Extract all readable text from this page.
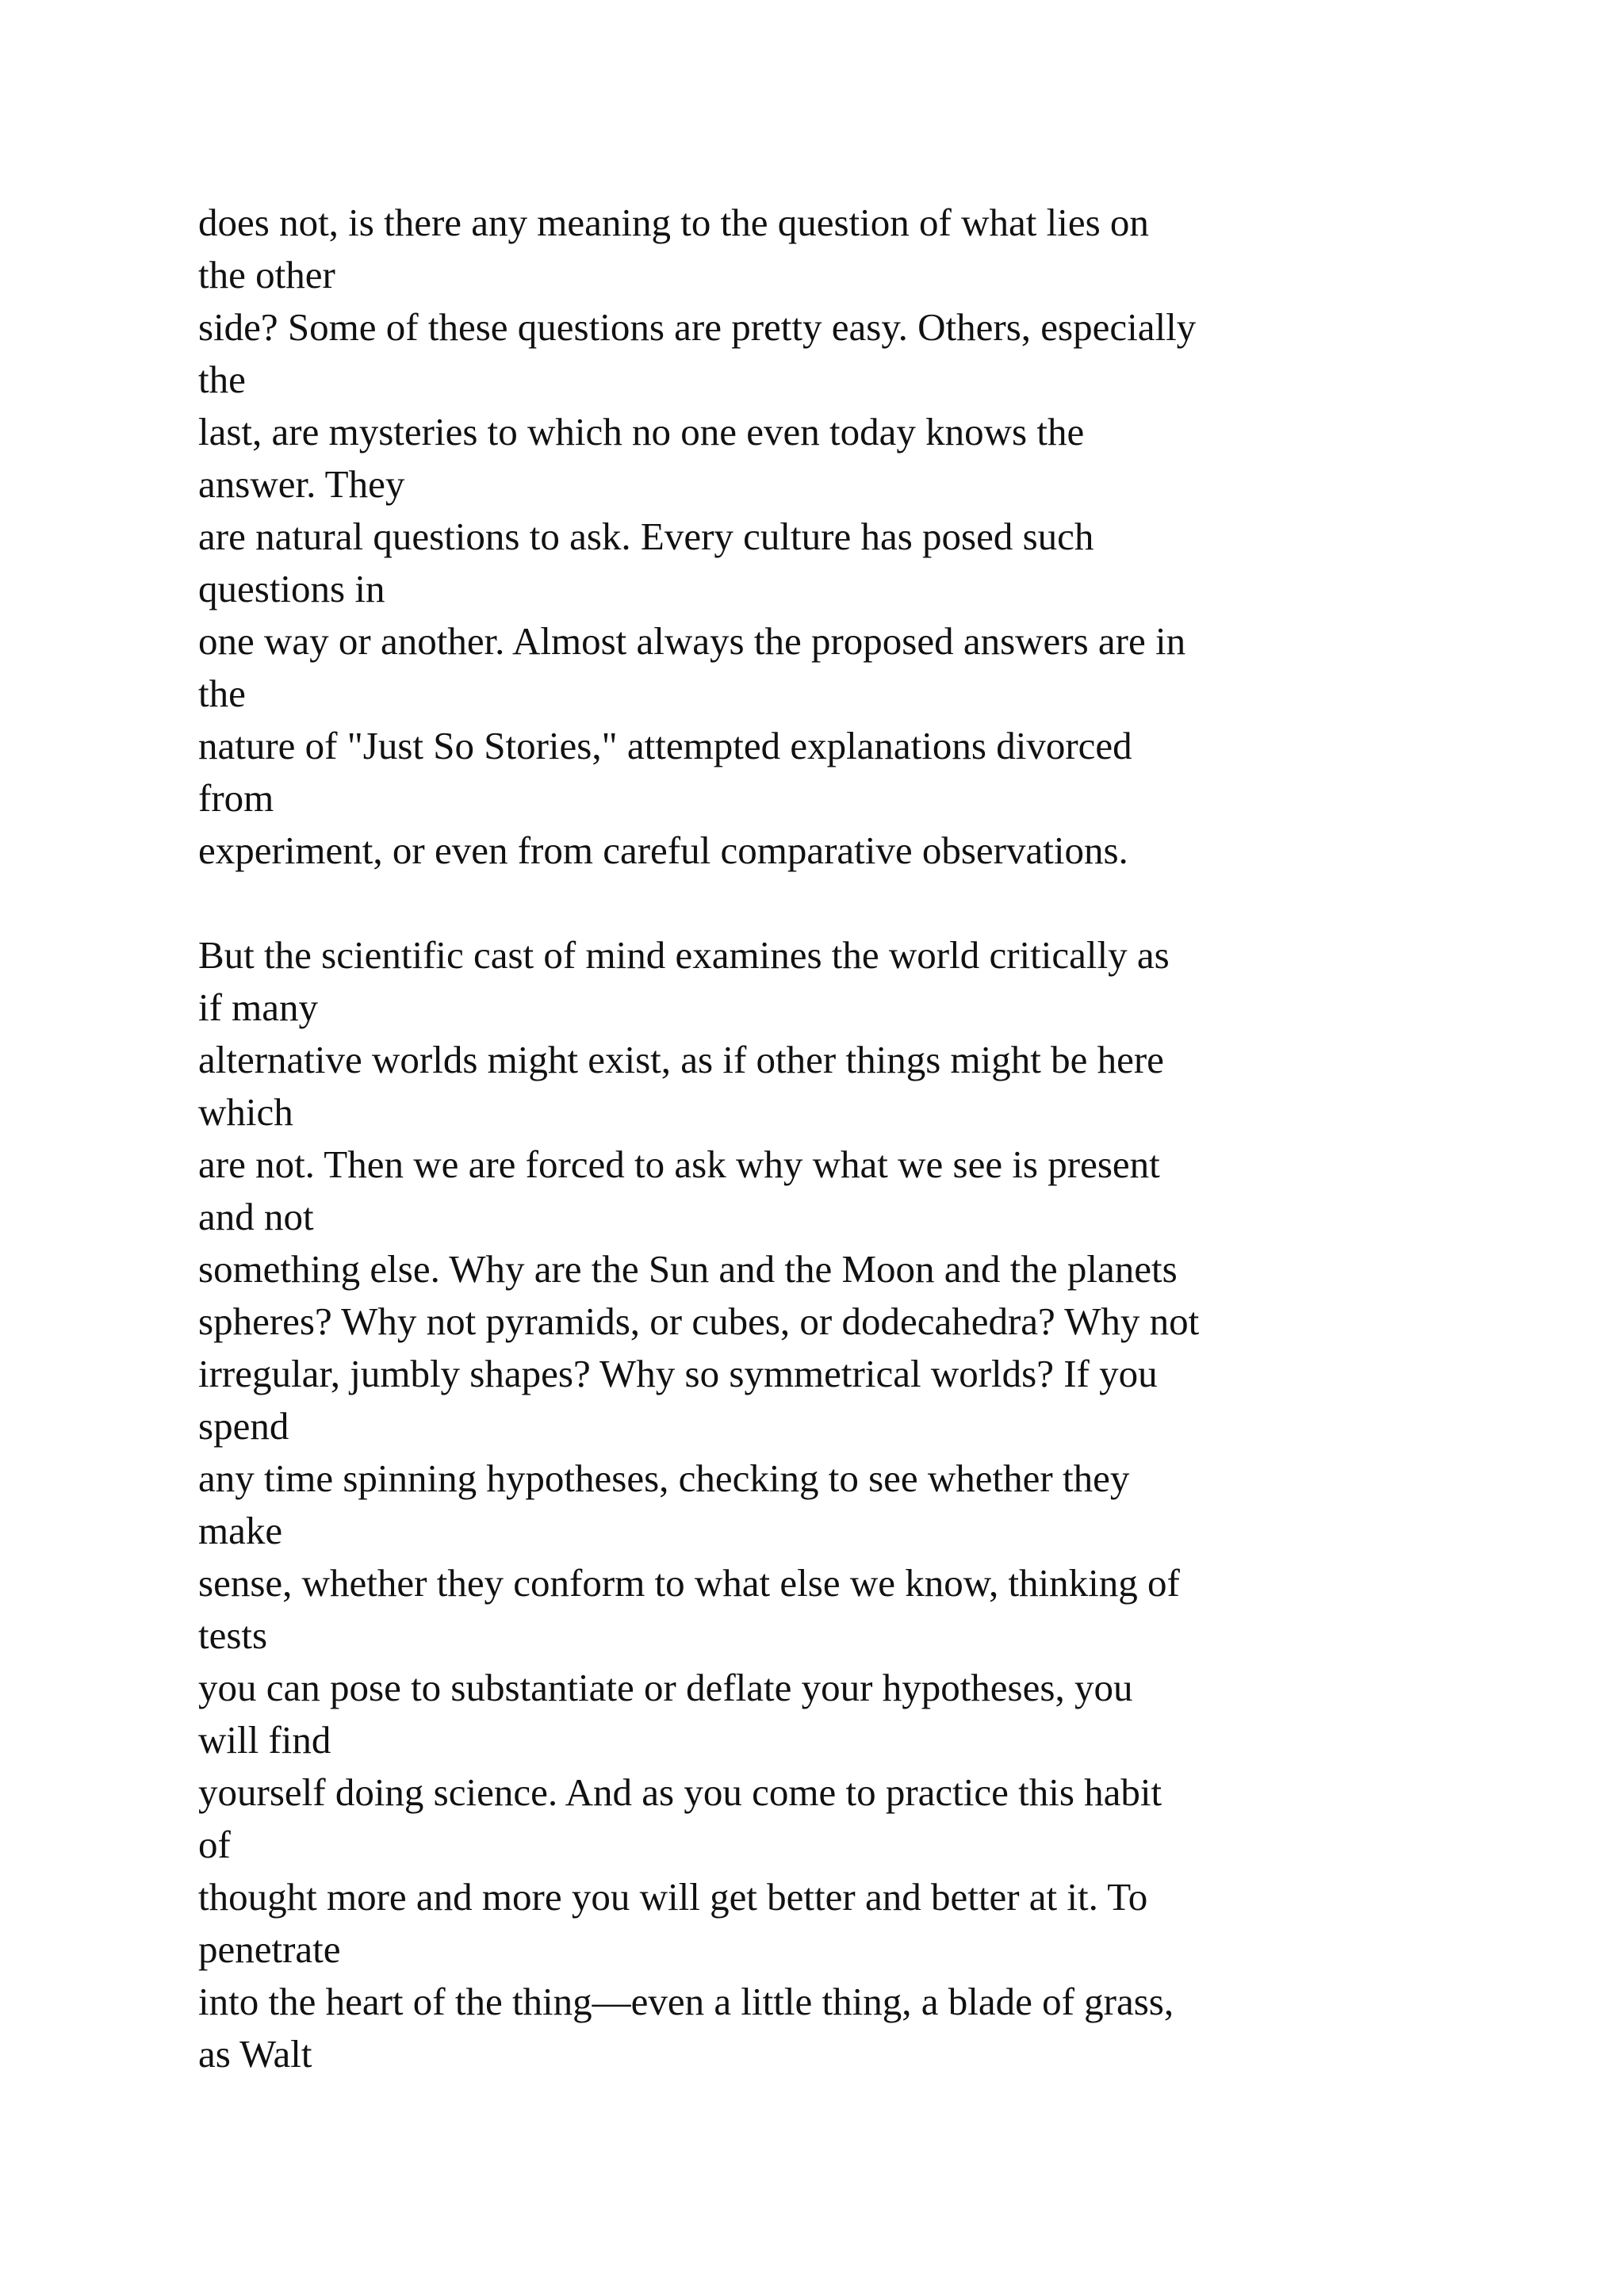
does not, is there any meaning to the question of what lies on
the other
side? Some of these questions are pretty easy. Others, especially
the
last, are mysteries to which no one even today knows the
answer. They
are natural questions to ask. Every culture has posed such
questions in
one way or another. Almost always the proposed answers are in
the
nature of "Just So Stories," attempted explanations divorced
from
experiment, or even from careful comparative observations.
But the scientific cast of mind examines the world critically as
if many
alternative worlds might exist, as if other things might be here
which
are not. Then we are forced to ask why what we see is present
and not
something else. Why are the Sun and the Moon and the planets
spheres? Why not pyramids, or cubes, or dodecahedra? Why not
irregular, jumbly shapes? Why so symmetrical worlds? If you
spend
any time spinning hypotheses, checking to see whether they
make
sense, whether they conform to what else we know, thinking of
tests
you can pose to substantiate or deflate your hypotheses, you
will find
yourself doing science. And as you come to practice this habit
of
thought more and more you will get better and better at it. To
penetrate
into the heart of the thing—even a little thing, a blade of grass,
as Walt
